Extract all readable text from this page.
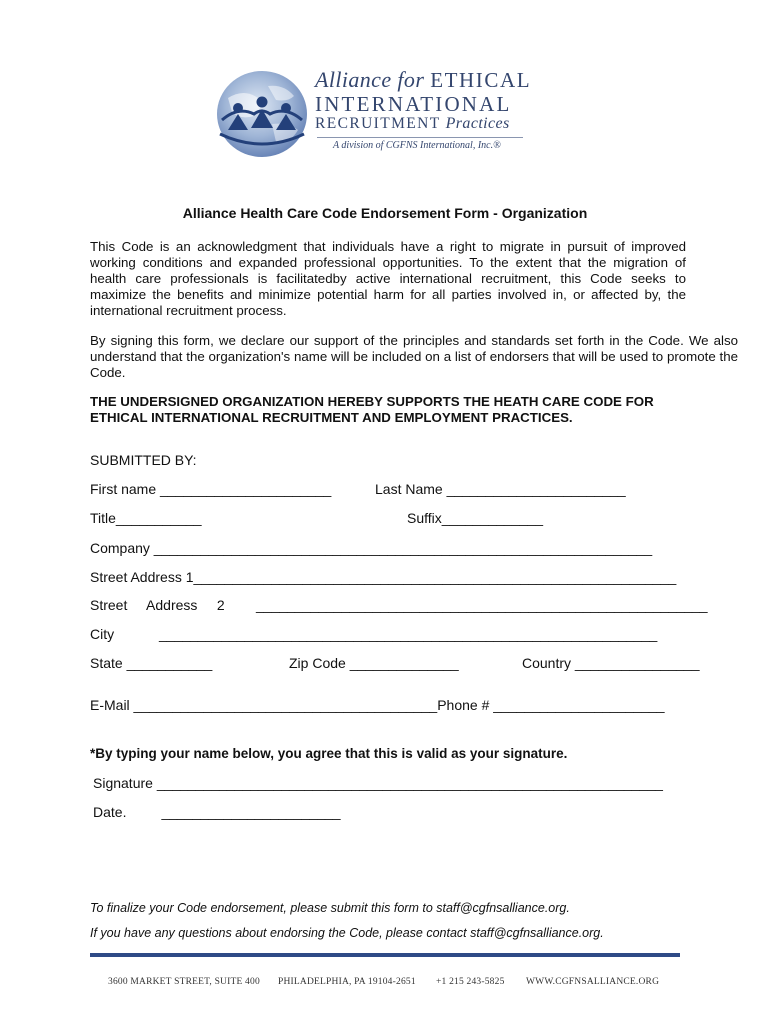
Alliance for ETHICAL
INTERNATIONAL
RECRUITMENT Practices
A division of CGFNS International, Inc.®
Alliance Health Care Code Endorsement Form - Organization
This Code is an acknowledgment that individuals have a right to migrate in pursuit of improved working conditions and expanded professional opportunities. To the extent that the migration of health care professionals is facilitatedby active international recruitment, this Code seeks to maximize the benefits and minimize potential harm for all parties involved in, or affected by, the international recruitment process.
By signing this form, we declare our support of the principles and standards set forth in the Code. We also understand that the organization's name will be included on a list of endorsers that will be used to promote the Code.
THE UNDERSIGNED ORGANIZATION HEREBY SUPPORTS THE HEATH CARE CODE FOR ETHICAL INTERNATIONAL RECRUITMENT AND EMPLOYMENT PRACTICES.
SUBMITTED BY:
First name ______________________	Last Name _______________________
Title___________	Suffix_____________
Company ________________________________________________________________
Street Address 1______________________________________________________________
Street     Address     2 __________________________________________________________
City	________________________________________________________________
State ___________	Zip Code ______________	Country ________________
E-Mail _______________________________________Phone # ______________________
*By typing your name below, you agree that this is valid as your signature.
Signature _________________________________________________________________
Date.         _______________________
To finalize your Code endorsement, please submit this form to staff@cgfnsalliance.org.
If you have any questions about endorsing the Code, please contact staff@cgfnsalliance.org.
3600 MARKET STREET, SUITE 400 PHILADELPHIA, PA 19104-2651 +1 215 243-5825 WWW.CGFNSALLIANCE.ORG
